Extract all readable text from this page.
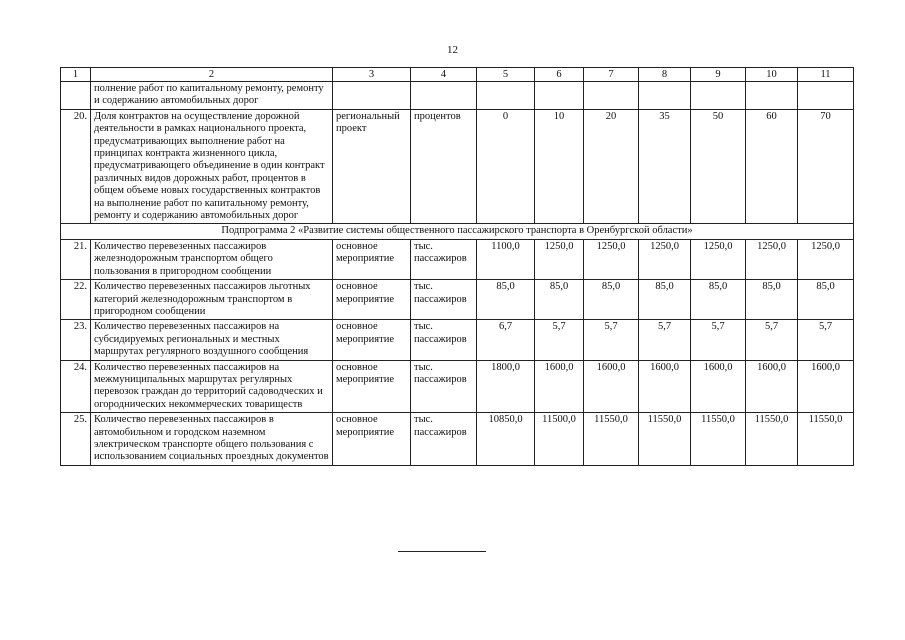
12
1	2	3	4	5	6	7	8	9	10	11
	полнение работ по капитальному ремонту, ремонту и содержанию автомобильных дорог									
20.	Доля контрактов на осуществление дорожной деятельности в рамках национального проекта, предусматривающих выполнение работ на принципах контракта жизненного цикла, предусматривающего объединение в один контракт различных видов дорожных работ, процентов в общем объеме новых государственных контрактов на выполнение работ по капитальному ремонту, ремонту и содержанию автомобильных дорог	региональный проект	процентов	0	10	20	35	50	60	70
Подпрограмма 2 «Развитие системы общественного пассажирского транспорта в Оренбургской области»										
21.	Количество перевезенных пассажиров железнодорожным транспортом общего пользования в пригородном сообщении	основное мероприятие	тыс. пассажиров	1100,0	1250,0	1250,0	1250,0	1250,0	1250,0	1250,0
22.	Количество перевезенных пассажиров льготных категорий железнодорожным транспортом в пригородном сообщении	основное мероприятие	тыс. пассажиров	85,0	85,0	85,0	85,0	85,0	85,0	85,0
23.	Количество перевезенных пассажиров на субсидируемых региональных и местных маршрутах регулярного воздушного сообщения	основное мероприятие	тыс. пассажиров	6,7	5,7	5,7	5,7	5,7	5,7	5,7
24.	Количество перевезенных пассажиров на межмуниципальных маршрутах регулярных перевозок граждан до территорий садоводческих и огороднических некоммерческих товариществ	основное мероприятие	тыс. пассажиров	1800,0	1600,0	1600,0	1600,0	1600,0	1600,0	1600,0
25.	Количество перевезенных пассажиров в автомобильном и городском наземном электрическом транспорте общего пользования с использованием социальных проездных документов	основное мероприятие	тыс. пассажиров	10850,0	11500,0	11550,0	11550,0	11550,0	11550,0	11550,0
